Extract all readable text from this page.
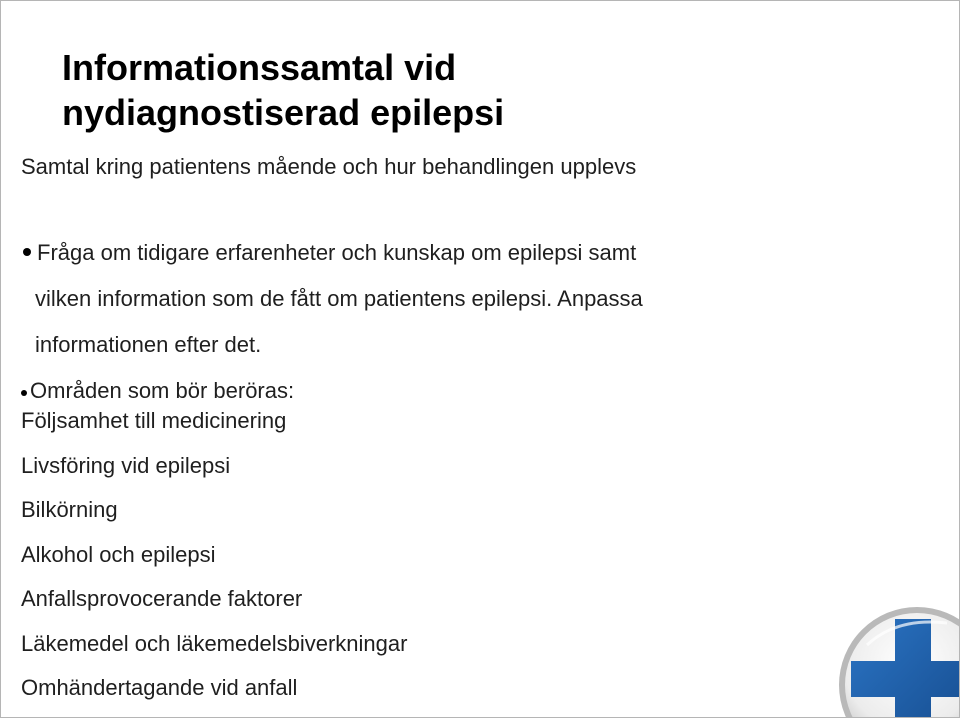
Informationssamtal vid
nydiagnostiserad epilepsi
Samtal kring patientens mående och hur behandlingen upplevs
Fråga om tidigare erfarenheter och kunskap om epilepsi samt
vilken information som de fått om patientens epilepsi. Anpassa
informationen efter det.
Områden som bör beröras:
Följsamhet till medicinering
Livsföring vid epilepsi
Bilkörning
Alkohol och epilepsi
Anfallsprovocerande faktorer
Läkemedel och läkemedelsbiverkningar
Omhändertagande vid anfall
